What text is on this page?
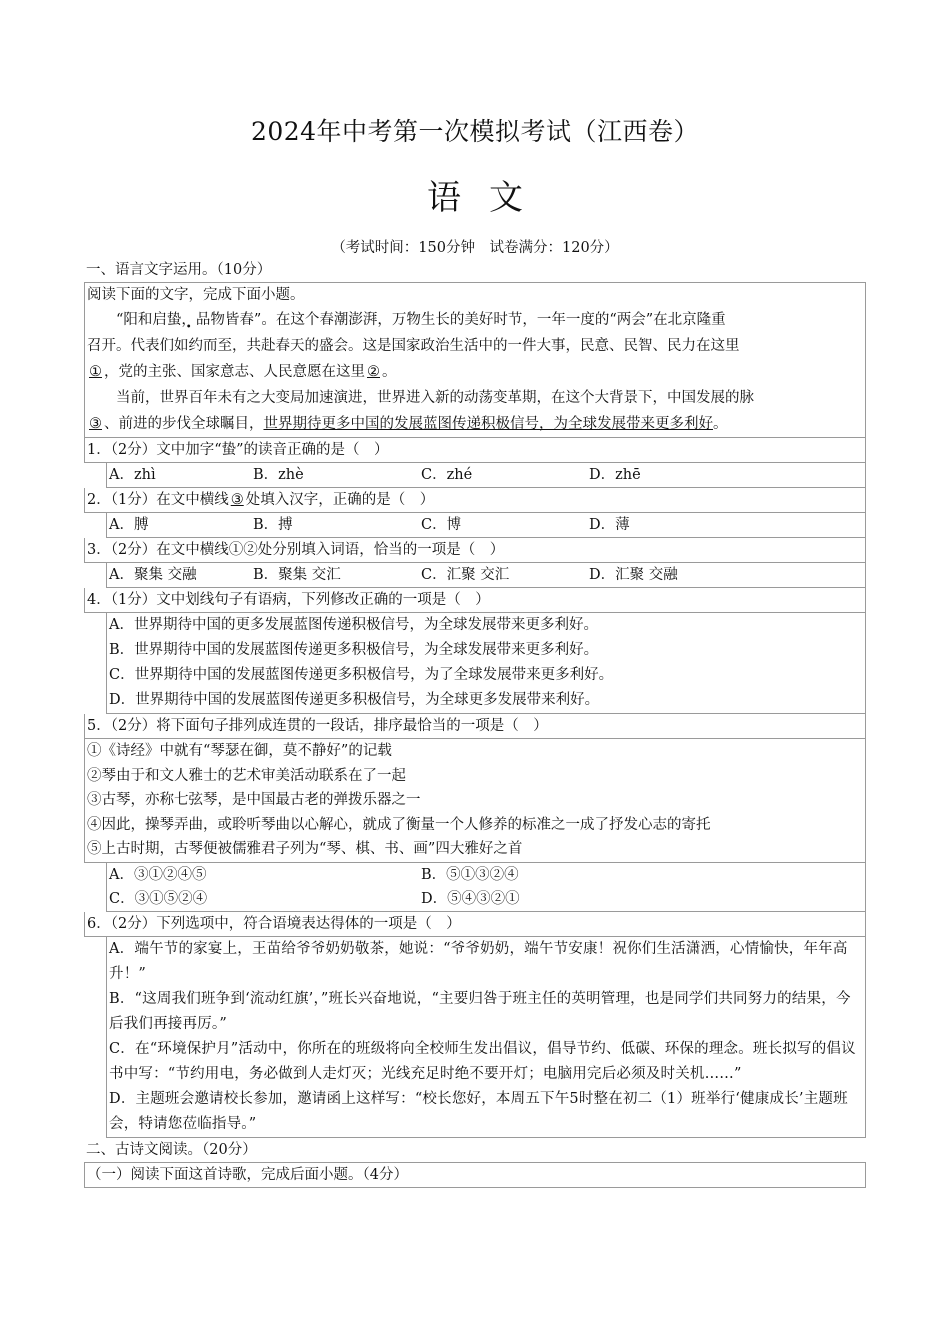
2024年中考第一次模拟考试（江西卷）
语文
（考试时间：150分钟　试卷满分：120分）
一、语言文字运用。（10分）
阅读下面的文字，完成下面小题。
“阳和启蛰，品物皆春”。在这个春潮澎湃，万物生长的美好时节，一年一度的“两会”在北京隆重
召开。代表们如约而至，共赴春天的盛会。这是国家政治生活中的一件大事，民意、民智、民力在这里
① ，党的主张、国家意志、人民意愿在这里 ② 。
当前，世界百年未有之大变局加速演进，世界进入新的动荡变革期，在这个大背景下，中国发展的脉
③ 、前进的步伐全球瞩目，世界期待更多中国的发展蓝图传递积极信号，为全球发展带来更多利好。
1．（2分）文中加字“蛰”的读音正确的是（　）
A．zhì	B．zhè	C．zhé	D．zhē
2．（1分）在文中横线 ③ 处填入汉字，正确的是（　）
A．膊	B．搏	C．博	D．薄
3．（2分）在文中横线①②处分别填入词语，恰当的一项是（　）
A．聚集 交融	B．聚集 交汇	C．汇聚 交汇	D．汇聚 交融
4．（1分）文中划线句子有语病，下列修改正确的一项是（　）
A．世界期待中国的更多发展蓝图传递积极信号，为全球发展带来更多利好。
B．世界期待中国的发展蓝图传递更多积极信号，为全球发展带来更多利好。
C．世界期待中国的发展蓝图传递更多积极信号，为了全球发展带来更多利好。
D．世界期待中国的发展蓝图传递更多积极信号，为全球更多发展带来利好。
5．（2分）将下面句子排列成连贯的一段话，排序最恰当的一项是（　）
①《诗经》中就有“琴瑟在御，莫不静好”的记载
②琴由于和文人雅士的艺术审美活动联系在了一起
③古琴，亦称七弦琴，是中国最古老的弹拨乐器之一
④因此，操琴弄曲，或聆听琴曲以心解心，就成了衡量一个人修养的标准之一成了抒发心志的寄托
⑤上古时期，古琴便被儒雅君子列为“琴、棋、书、画”四大雅好之首
A．③①②④⑤	B．⑤①③②④
C．③①⑤②④	D．⑤④③②①
6．（2分）下列选项中，符合语境表达得体的一项是（　）
A．端午节的家宴上，王苗给爷爷奶奶敬茶，她说：“爷爷奶奶，端午节安康！祝你们生活潇洒，心情愉快，年年高升！”
B．“这周我们班争到‘流动红旗’，”班长兴奋地说，“主要归咎于班主任的英明管理，也是同学们共同努力的结果，今后我们再接再厉。”
C．在“环境保护月”活动中，你所在的班级将向全校师生发出倡议，倡导节约、低碳、环保的理念。班长拟写的倡议书中写：“节约用电，务必做到人走灯灭；光线充足时绝不要开灯；电脑用完后必须及时关机……”
D．主题班会邀请校长参加，邀请函上这样写：“校长您好，本周五下午5时整在初二（1）班举行‘健康成长’主题班会，特请您莅临指导。”
二、古诗文阅读。（20分）
（一）阅读下面这首诗歌，完成后面小题。（4分）
